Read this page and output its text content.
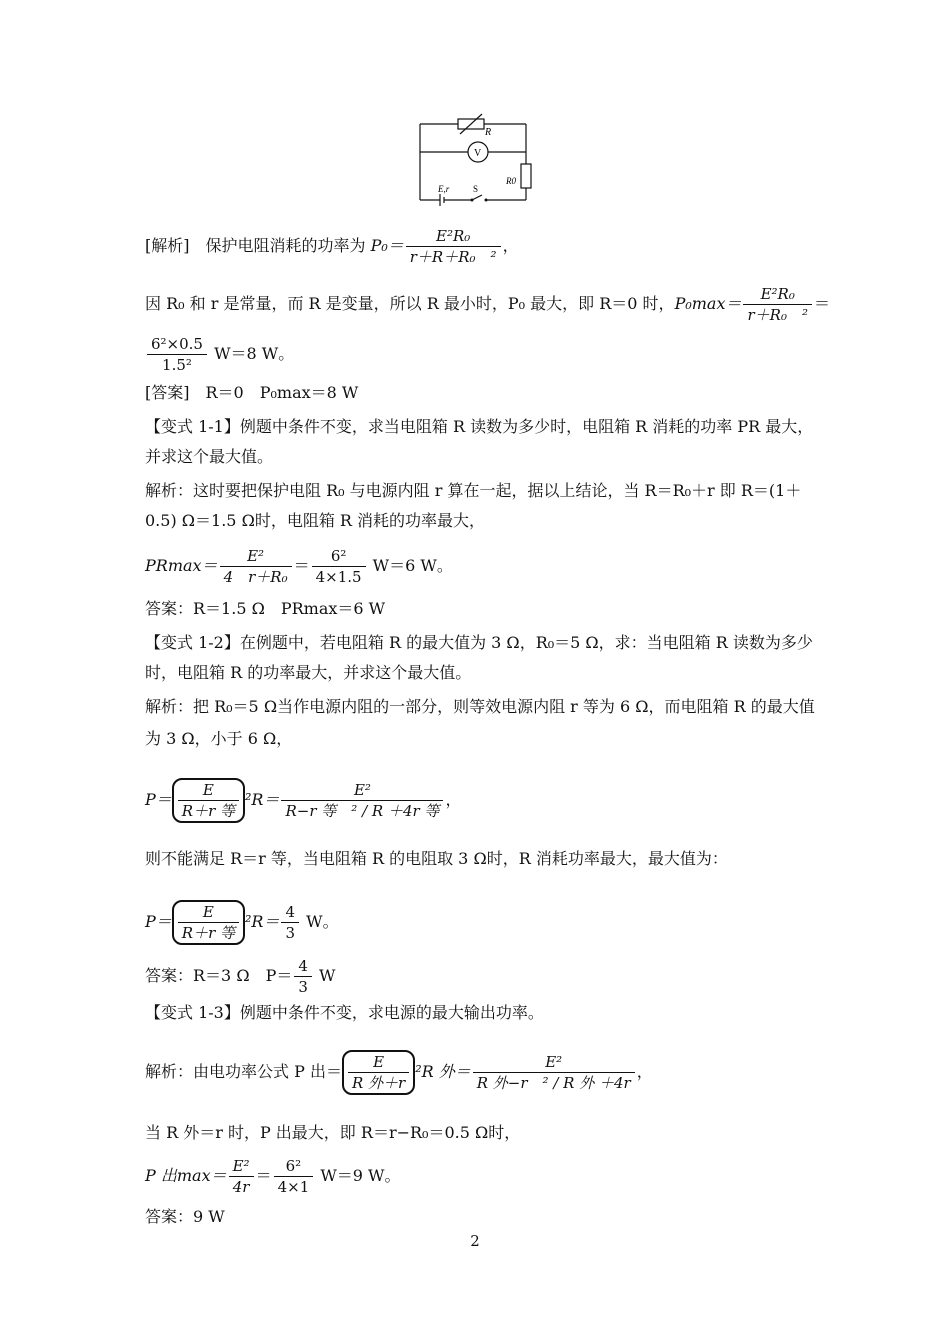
R
V
R0
E,r	S
[解析]　保护电阻消耗的功率为 $P_0= \frac{\text{E²R₀}}{\text{r＋R＋R₀　²}}$ ，
因 R₀ 和 r 是常量，而 R 是变量，所以 R 最小时，P₀ 最大，即 R＝0 时，$P_0\max= \frac{\text{E²R₀}}{\text{r＋R₀　²}}$ ＝
$\frac{\text{6²×0.5}}{\text{1.5²}} W=8$ W。
[答案]　R＝0　P₀max＝8 W
【变式 1-1】例题中条件不变，求当电阻箱 R 读数为多少时，电阻箱 R 消耗的功率 PR 最大，
并求这个最大值。
解析：这时要把保护电阻 R₀ 与电源内阻 r 算在一起，据以上结论，当 R＝R₀＋r 即 R＝(1＋
0.5) Ω＝1.5 Ω时，电阻箱 R 消耗的功率最大，
$PRmax= \frac{\text{E²}}{\text{4　r＋R₀}} = \frac{\text{6²}}{4\times 1.5} W=6$ W。
答案：R＝1.5 Ω　PRmax＝6 W
【变式 1-2】在例题中，若电阻箱 R 的最大值为 3 Ω，R₀＝5 Ω，求：当电阻箱 R 读数为多少
时，电阻箱 R 的功率最大，并求这个最大值。
解析：把 R₀＝5 Ω当作电源内阻的一部分，则等效电源内阻 r 等为 6 Ω，而电阻箱 R 的最大值
为 3 Ω，小于 6 Ω，
$P= \frac{E}{\text{R＋r 等}} ^2R= \frac{\text{E²}}{\text{R−r 等　² / R ＋4r 等}}$ ，
则不能满足 R＝r 等，当电阻箱 R 的电阻取 3 Ω时，R 消耗功率最大，最大值为：
$P= \frac{E}{\text{R＋r 等}} ^2R= \frac{4}{3}$ W。
答案：R＝3 Ω　$P= \frac{4}{3}$ W
【变式 1-3】例题中条件不变，求电源的最大输出功率。
解析：由电功率公式 P 出＝ $\frac{E}{\text{R 外＋r}} ^2R$ 外＝ $\frac{\text{E²}}{\text{R 外−r　² / R 外 ＋4r}}$ ，
当 R 外＝r 时，P 出最大，即 R＝r−R₀＝0.5 Ω时，
P 出$\max= \frac{\text{E²}}{4r} = \frac{\text{6²}}{4\times 1} W=9$ W。
答案：9 W
2
